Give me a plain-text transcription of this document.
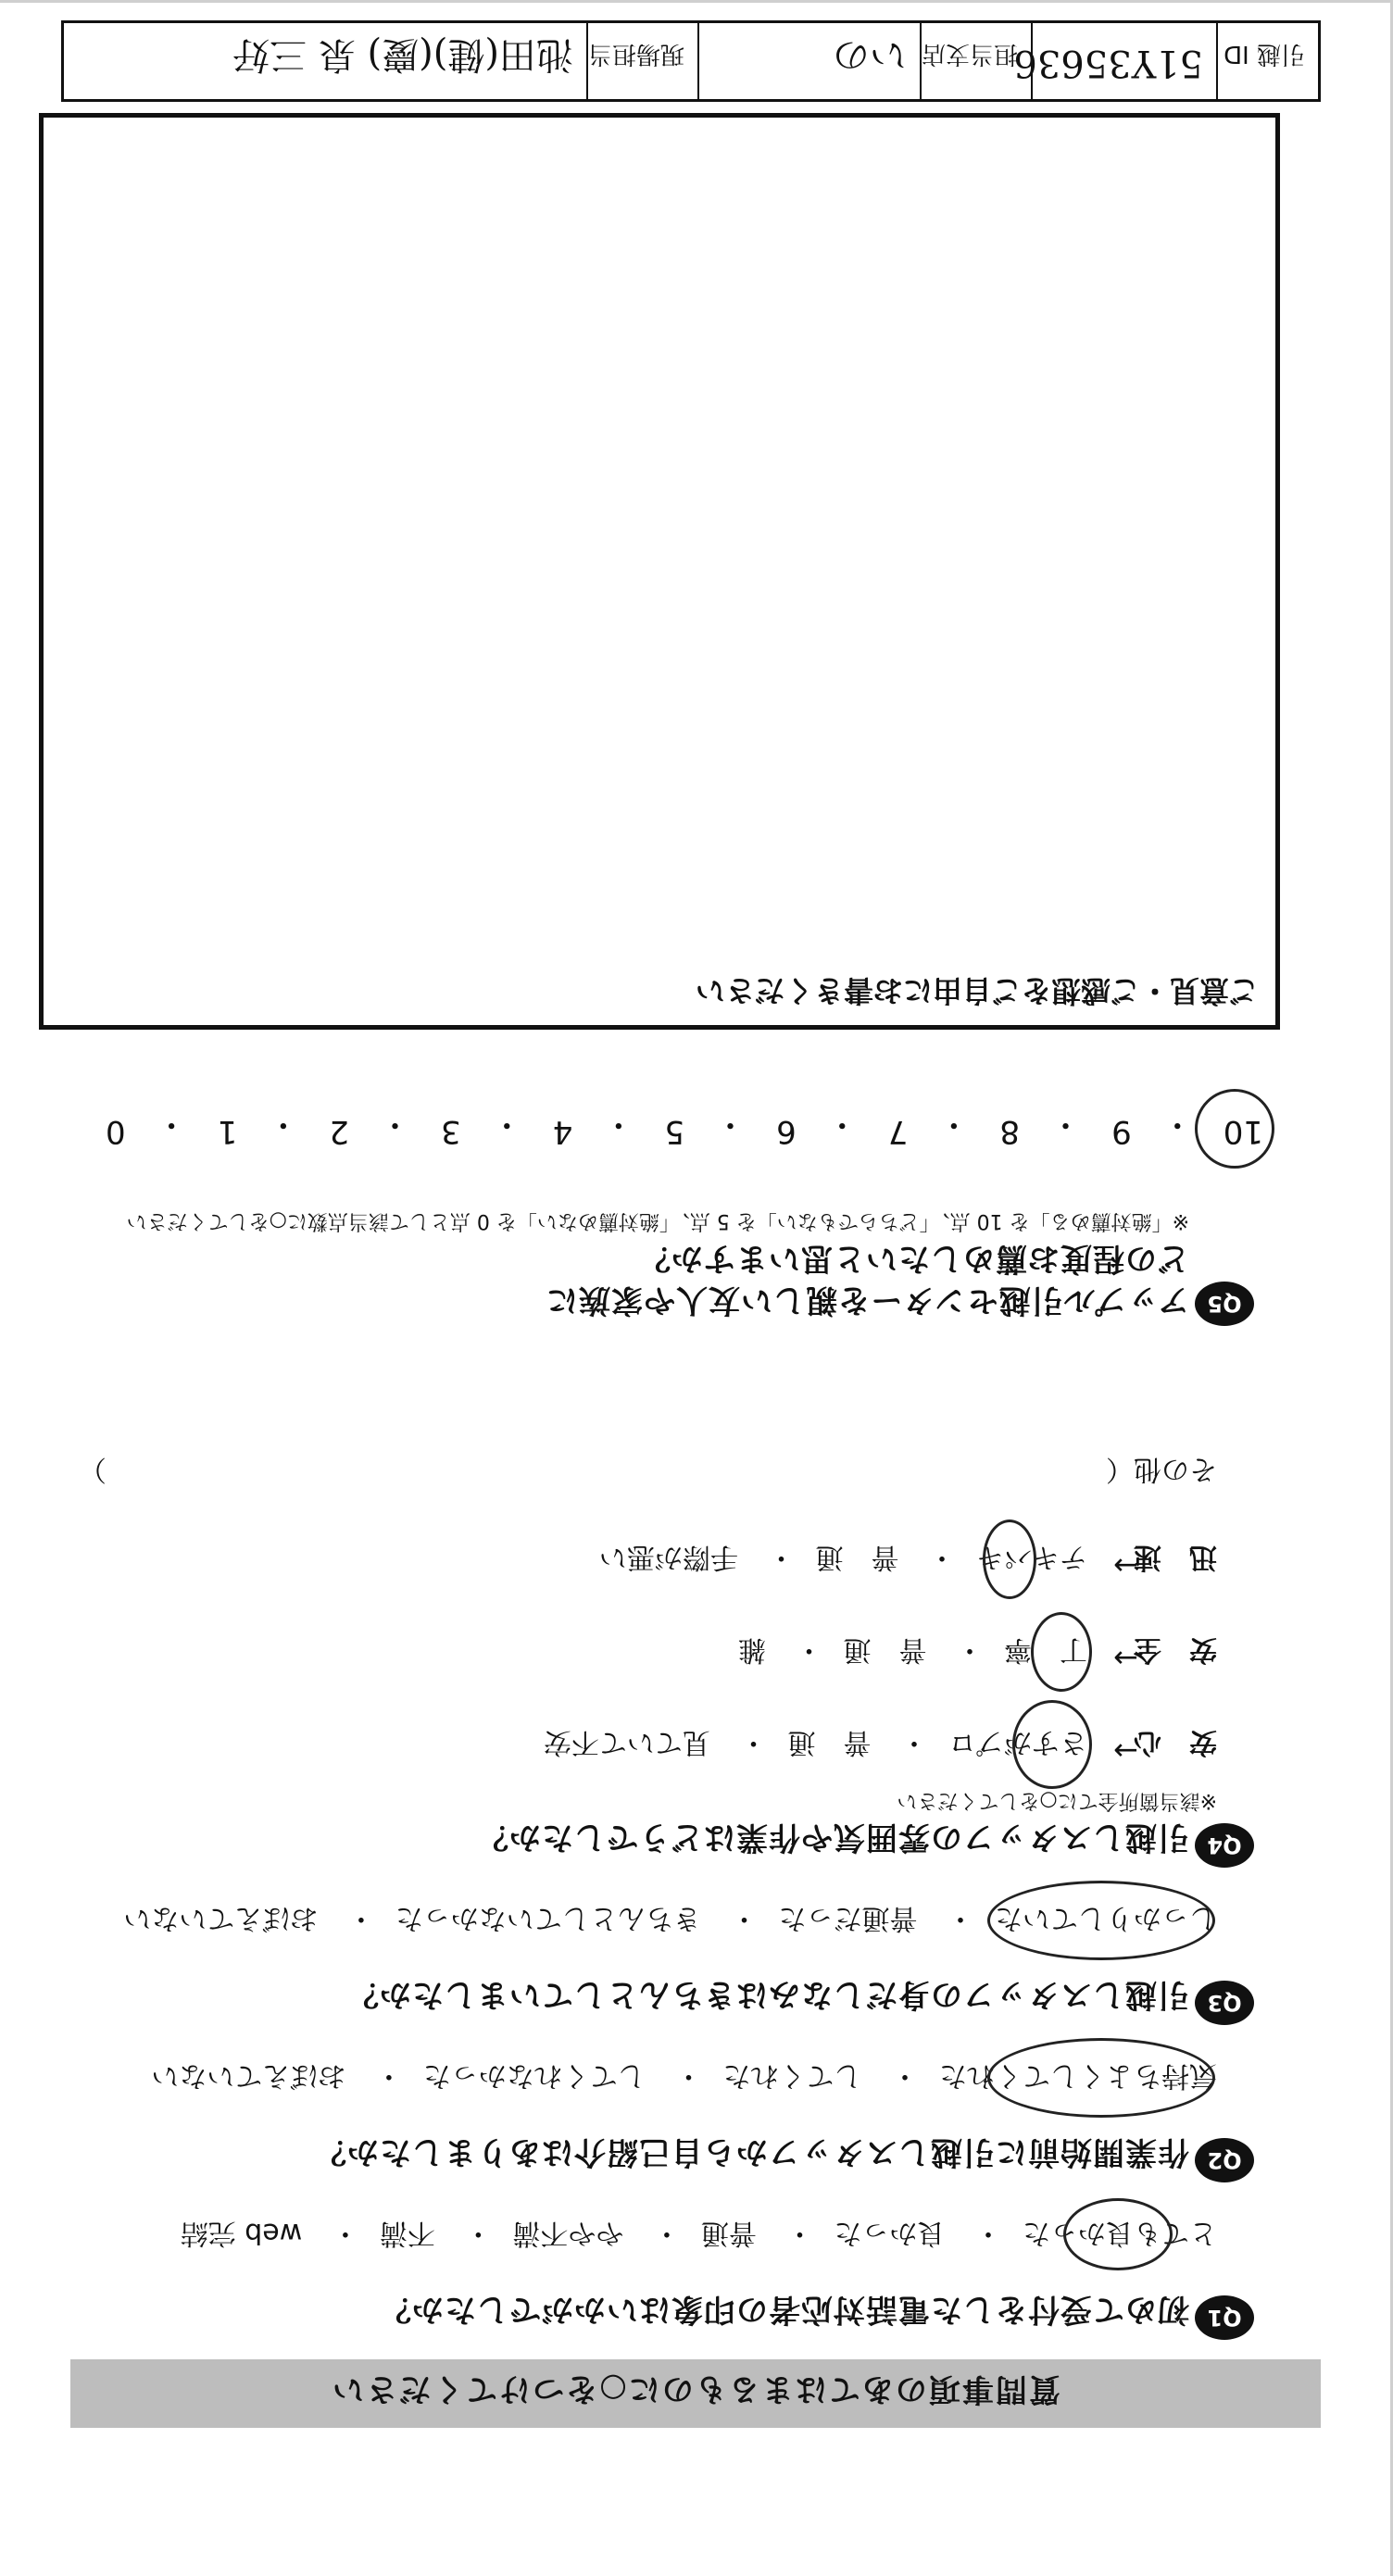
質問事項のあてはまるものに○をつけてください
Q1
初めて受付をした電話対応者の印象はいかがでしたか？
とても良かった・ 良かった・ 普通・ やや不満・ 不満・ web 完結
Q2
作業開始前に引越しスタッフから自己紹介はありましたか？
気持ちよくしてくれた・ してくれた・ してくれなかった・ おぼえていない
Q3
引越しスタッフの身だしなみはきちんとしていましたか？
しっかりしていた・ 普通だった・ きちんとしていなかった・ おぼえていない
Q4
引越しスタッフの雰囲気や作業はどうでしたか？
※該当箇所全てに○をしてください
安　心
→
さすがプロ・ 普　通・ 見ていて不安
安　全
→
丁　寧・ 普　通・ 雑
迅　速
→
テキパキ・ 普　通・ 手際が悪い
その他（  ）
Q5
アップル引越センターを親しい友人や家族に
どの程度お薦めしたいと思いますか？
※「絶対薦める」を 10 点、「どちらでもない」を 5 点、「絶対薦めない」を 0 点として該当点数に○をしてください
10
・
9
・
8
・
7
・
6
・
5
・
4
・
3
・
2
・
1
・
0
ご意見・ご感想をご自由にお書きください
引越 ID
51Y35636
担当支店
いの
現場担当
池田(健)(慶) 泉 三好
